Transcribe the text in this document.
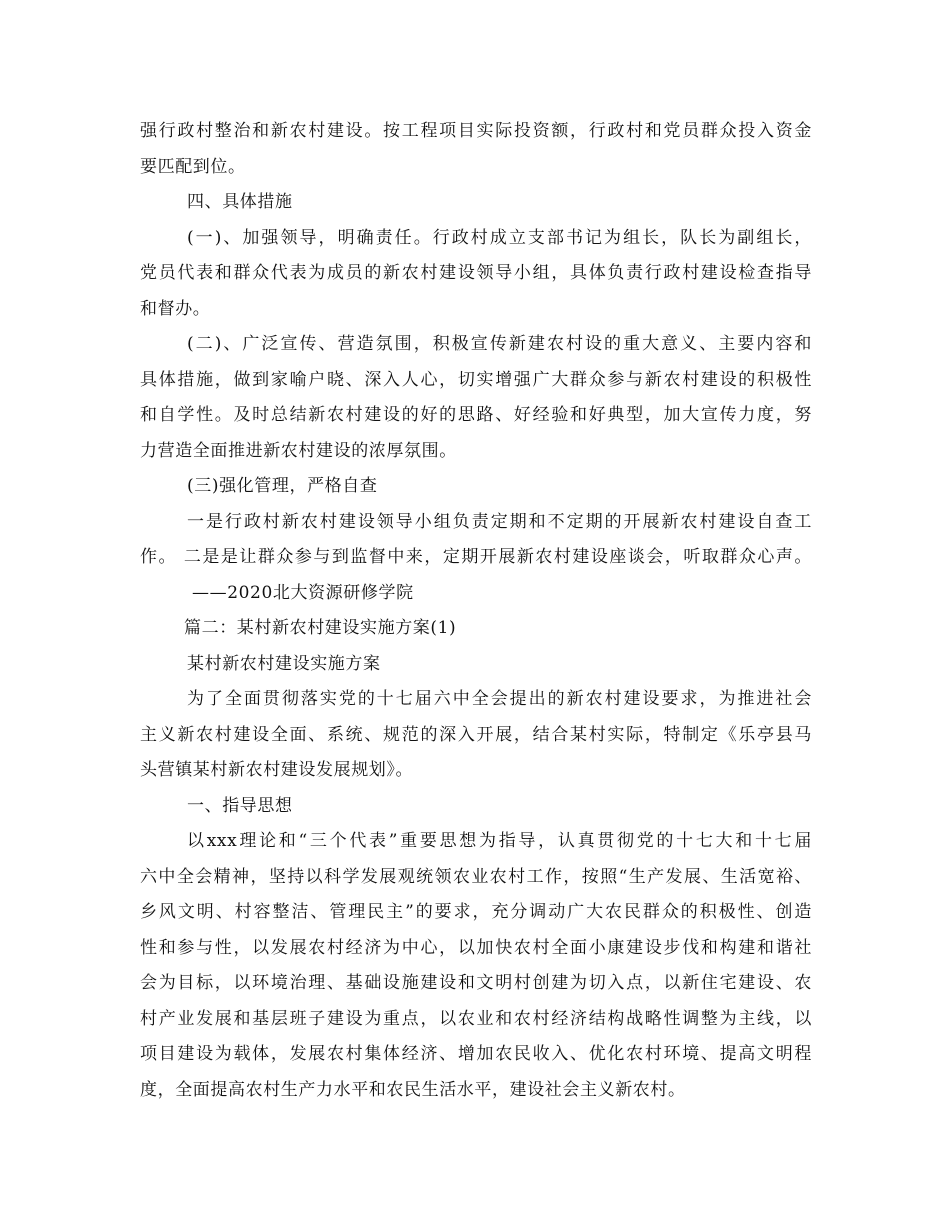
强行政村整治和新农村建设。按工程项目实际投资额，行政村和党员群众投入资金
要匹配到位。
四、具体措施
(一)、加强领导，明确责任。行政村成立支部书记为组长，队长为副组长，
党员代表和群众代表为成员的新农村建设领导小组，具体负责行政村建设检查指导
和督办。
(二)、广泛宣传、营造氛围，积极宣传新建农村设的重大意义、主要内容和
具体措施，做到家喻户晓、深入人心，切实增强广大群众参与新农村建设的积极性
和自学性。及时总结新农村建设的好的思路、好经验和好典型，加大宣传力度，努
力营造全面推进新农村建设的浓厚氛围。
(三)强化管理，严格自查
一是行政村新农村建设领导小组负责定期和不定期的开展新农村建设自查工
作。 二是是让群众参与到监督中来，定期开展新农村建设座谈会，听取群众心声。
——2020北大资源研修学院
篇二：某村新农村建设实施方案(1)
某村新农村建设实施方案
为了全面贯彻落实党的十七届六中全会提出的新农村建设要求，为推进社会
主义新农村建设全面、系统、规范的深入开展，结合某村实际，特制定《乐亭县马
头营镇某村新农村建设发展规划》。
一、指导思想
以xxx理论和“三个代表”重要思想为指导，认真贯彻党的十七大和十七届
六中全会精神，坚持以科学发展观统领农业农村工作，按照“生产发展、生活宽裕、
乡风文明、村容整洁、管理民主”的要求，充分调动广大农民群众的积极性、创造
性和参与性，以发展农村经济为中心，以加快农村全面小康建设步伐和构建和谐社
会为目标，以环境治理、基础设施建设和文明村创建为切入点，以新住宅建设、农
村产业发展和基层班子建设为重点，以农业和农村经济结构战略性调整为主线，以
项目建设为载体，发展农村集体经济、增加农民收入、优化农村环境、提高文明程
度，全面提高农村生产力水平和农民生活水平，建设社会主义新农村。
